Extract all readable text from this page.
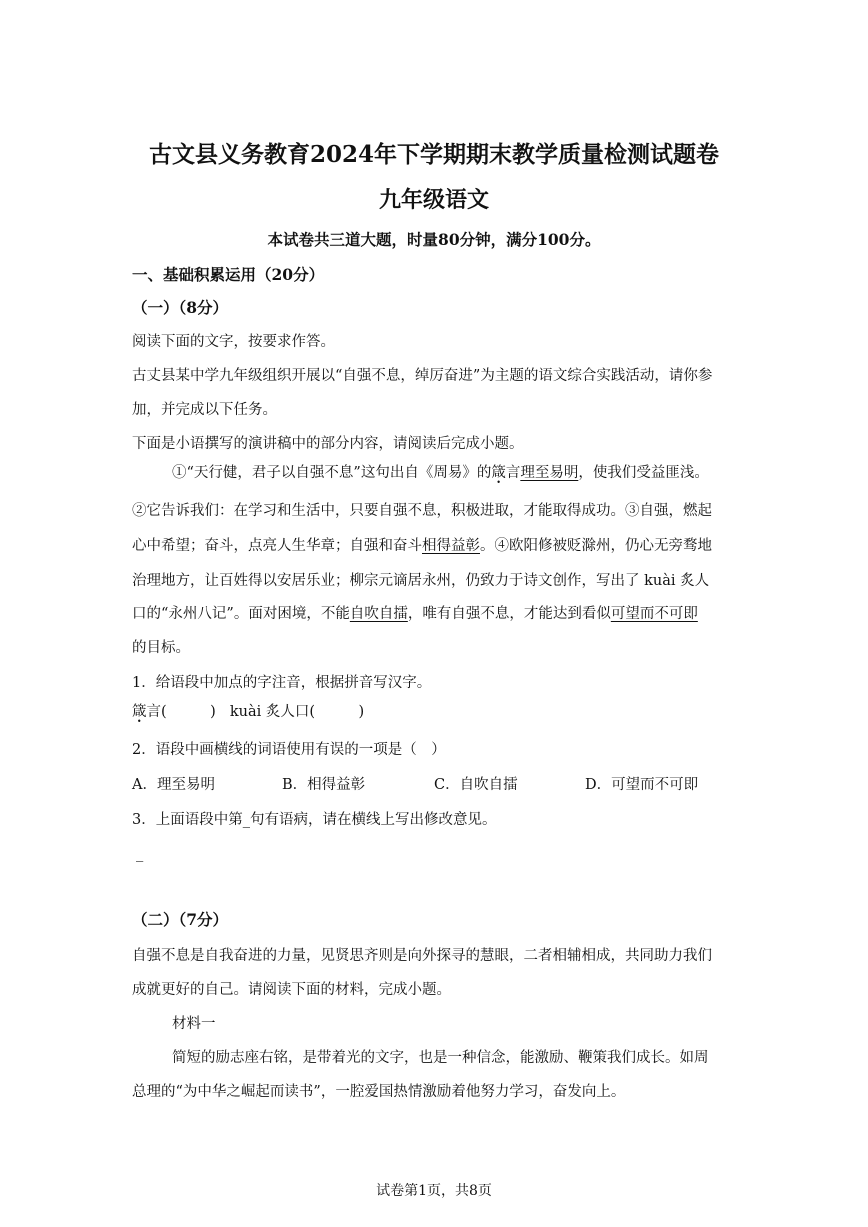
古文县义务教育2024年下学期期末教学质量检测试题卷
九年级语文
本试卷共三道大题，时量80分钟，满分100分。
一、基础积累运用（20分）
（一）（8分）
阅读下面的文字，按要求作答。
古丈县某中学九年级组织开展以“自强不息，绰厉奋进”为主题的语文综合实践活动，请你参
加，并完成以下任务。
下面是小语撰写的演讲稿中的部分内容，请阅读后完成小题。
①“天行健，君子以自强不息”这句出自《周易》的箴言理至易明，使我们受益匪浅。
②它告诉我们：在学习和生活中，只要自强不息，积极进取，才能取得成功。③自强，燃起
心中希望；奋斗，点亮人生华章；自强和奋斗相得益彰。④欧阳修被贬滁州，仍心无旁骛地
治理地方，让百姓得以安居乐业；柳宗元谪居永州，仍致力于诗文创作，写出了 kuài 炙人
口的“永州八记”。面对困境，不能自吹自擂，唯有自强不息，才能达到看似可望而不可即
的目标。
1．给语段中加点的字注音，根据拼音写汉字。
箴言(　　　) kuài 炙人口(　　　)
2．语段中画横线的词语使用有误的一项是（　）
A．理至易明	B．相得益彰	C．自吹自擂	D．可望而不可即
3．上面语段中第_句有语病，请在横线上写出修改意见。
_
（二）（7分）
自强不息是自我奋进的力量，见贤思齐则是向外探寻的慧眼，二者相辅相成，共同助力我们
成就更好的自己。请阅读下面的材料，完成小题。
材料一
简短的励志座右铭，是带着光的文字，也是一种信念，能激励、鞭策我们成长。如周
总理的“为中华之崛起而读书”，一腔爱国热情激励着他努力学习，奋发向上。
试卷第1页，共8页
